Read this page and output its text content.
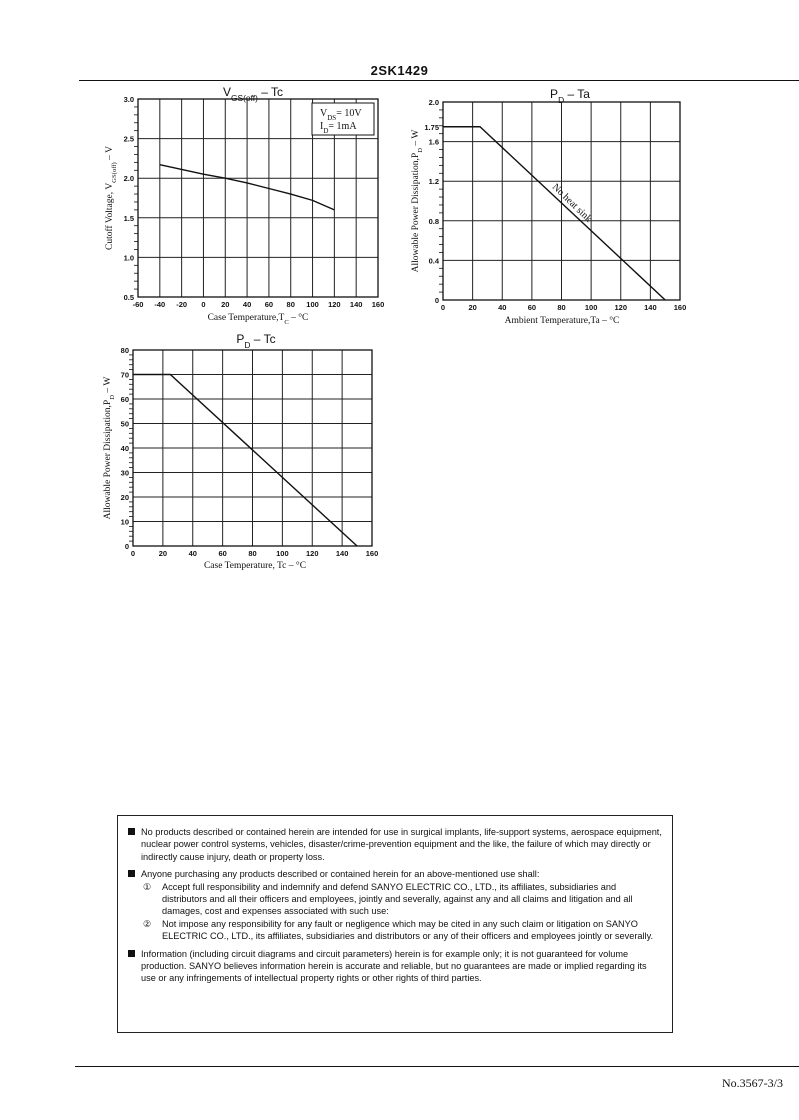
2SK1429
-60 -40 -20 0 20 40 60 80 100 120 140 160
0.5
1.0
1.5
2.0
2.5
3.0
$V_{GS(off)}$ – Tc
Cutoff Voltage, $V_{GS(off)}$ – V
Case $Temperature,T_C - ^\circ C$
$V_{DS}= 10V$
$I_D= 1mA$
0	20	40	60	80	100 120 140 160
0
0.4
0.8
1.2
1.6
1.75
2.0
$P_D$ – Ta
Allowable Power $Dissipation,P_D$ – W
Ambient Temperature,Ta – °C
No heat sink
0	20	40	60	80	100 120 140 160
0
10
20
30
40
50
60
70
80
$P_D$ – Tc
Allowable Power $Dissipation,P_D$ – W
Case Temperature, Tc – °C
No products described or contained herein are intended for use in surgical implants, life-support systems, aerospace equipment, nuclear power control systems, vehicles, disaster/crime-prevention equipment and the like, the failure of which may directly or indirectly cause injury, death or property loss.
Anyone purchasing any products described or contained herein for an above-mentioned use shall:
① Accept full responsibility and indemnify and defend SANYO ELECTRIC CO., LTD., its affiliates, subsidiaries and distributors and all their officers and employees, jointly and severally, against any and all claims and litigation and all damages, cost and expenses associated with such use:
② Not impose any responsibility for any fault or negligence which may be cited in any such claim or litigation on SANYO ELECTRIC CO., LTD., its affiliates, subsidiaries and distributors or any of their officers and employees jointly or severally.
Information (including circuit diagrams and circuit parameters) herein is for example only; it is not guaranteed for volume production. SANYO believes information herein is accurate and reliable, but no guarantees are made or implied regarding its use or any infringements of intellectual property rights or other rights of third parties.
No.3567-3/3
